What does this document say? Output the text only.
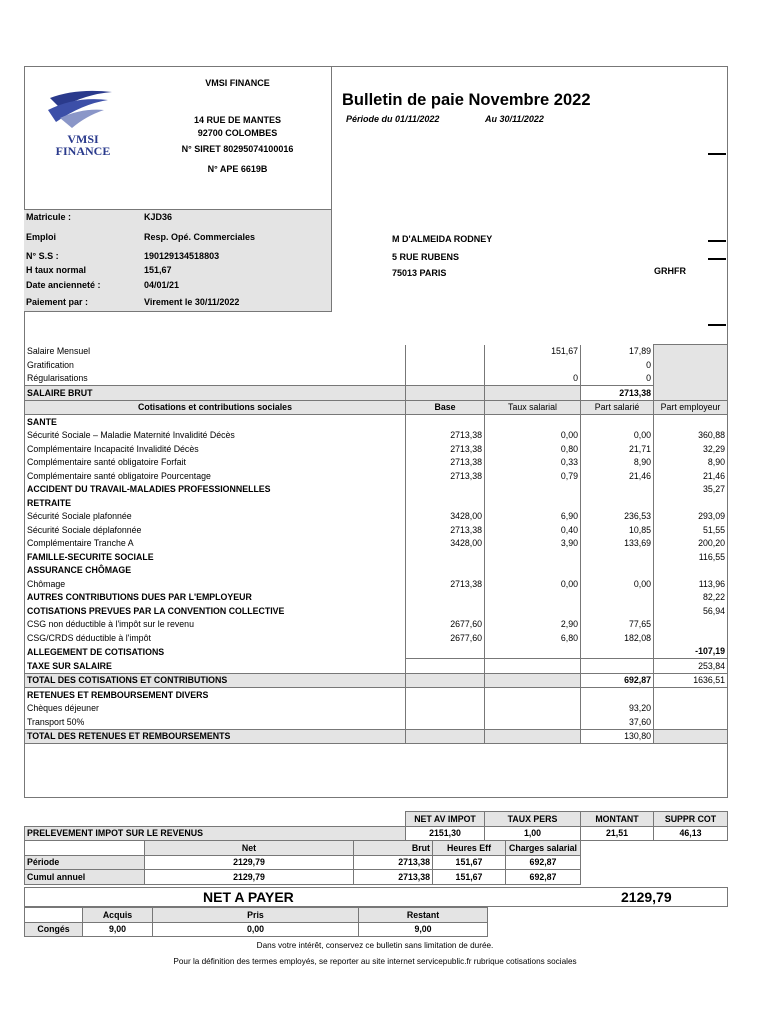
VMSI
FINANCE
VMSI FINANCE
14 RUE DE MANTES
92700 COLOMBES
N° SIRET 80295074100016
N° APE 6619B
Bulletin de paie Novembre 2022
Période du 01/11/2022	Au 30/11/2022
Matricule :	KJD36
Emploi	Resp. Opé. Commerciales
N° S.S :	190129134518803
H taux normal	151,67
Date ancienneté :	04/01/21
Paiement par :	Virement le 30/11/2022
M D'ALMEIDA RODNEY
5 RUE RUBENS
75013 PARIS	GRHFR
Salaire Mensuel		151,67	17,89	
Gratification			0	
Régularisations		0	0	
SALAIRE BRUT			2713,38	
Cotisations et contributions sociales	Base	Taux salarial	Part salarié	Part employeur
SANTE				
Sécurité Sociale – Maladie Maternité Invalidité Décès	2713,38	0,00	0,00	360,88
Complémentaire Incapacité Invalidité Décès	2713,38	0,80	21,71	32,29
Complémentaire santé obligatoire Forfait	2713,38	0,33	8,90	8,90
Complémentaire santé obligatoire Pourcentage	2713,38	0,79	21,46	21,46
ACCIDENT DU TRAVAIL-MALADIES PROFESSIONNELLES				35,27
RETRAITE				
Sécurité Sociale plafonnée	3428,00	6,90	236,53	293,09
Sécurité Sociale déplafonnée	2713,38	0,40	10,85	51,55
Complémentaire Tranche A	3428,00	3,90	133,69	200,20
FAMILLE-SECURITE SOCIALE				116,55
ASSURANCE CHÔMAGE				
Chômage	2713,38	0,00	0,00	113,96
AUTRES CONTRIBUTIONS DUES PAR L'EMPLOYEUR				82,22
COTISATIONS PREVUES PAR LA CONVENTION COLLECTIVE				56,94
CSG non déductible à l'impôt sur le revenu	2677,60	2,90	77,65	
CSG/CRDS déductible à l'impôt	2677,60	6,80	182,08	
ALLEGEMENT DE COTISATIONS				-107,19
TAXE SUR SALAIRE				253,84
TOTAL DES COTISATIONS ET CONTRIBUTIONS			692,87	1636,51
RETENUES ET REMBOURSEMENT DIVERS				
Chèques déjeuner			93,20	
Transport 50%			37,60	
TOTAL DES RETENUES ET REMBOURSEMENTS			130,80	
	NET AV IMPOT	TAUX PERS	MONTANT	SUPPR COT
PRELEVEMENT IMPOT SUR LE REVENUS	2151,30	1,00	21,51	46,13
	Net	Brut	Heures Eff	Charges salarial
Période	2129,79	2713,38	151,67	692,87
Cumul annuel	2129,79	2713,38	151,67	692,87
NET A PAYER	2129,79
	Acquis	Pris	Restant
Congés	9,00	0,00	9,00
Dans votre intérêt, conservez ce bulletin sans limitation de durée.
Pour la définition des termes employés, se reporter au site internet servicepublic.fr rubrique cotisations sociales
